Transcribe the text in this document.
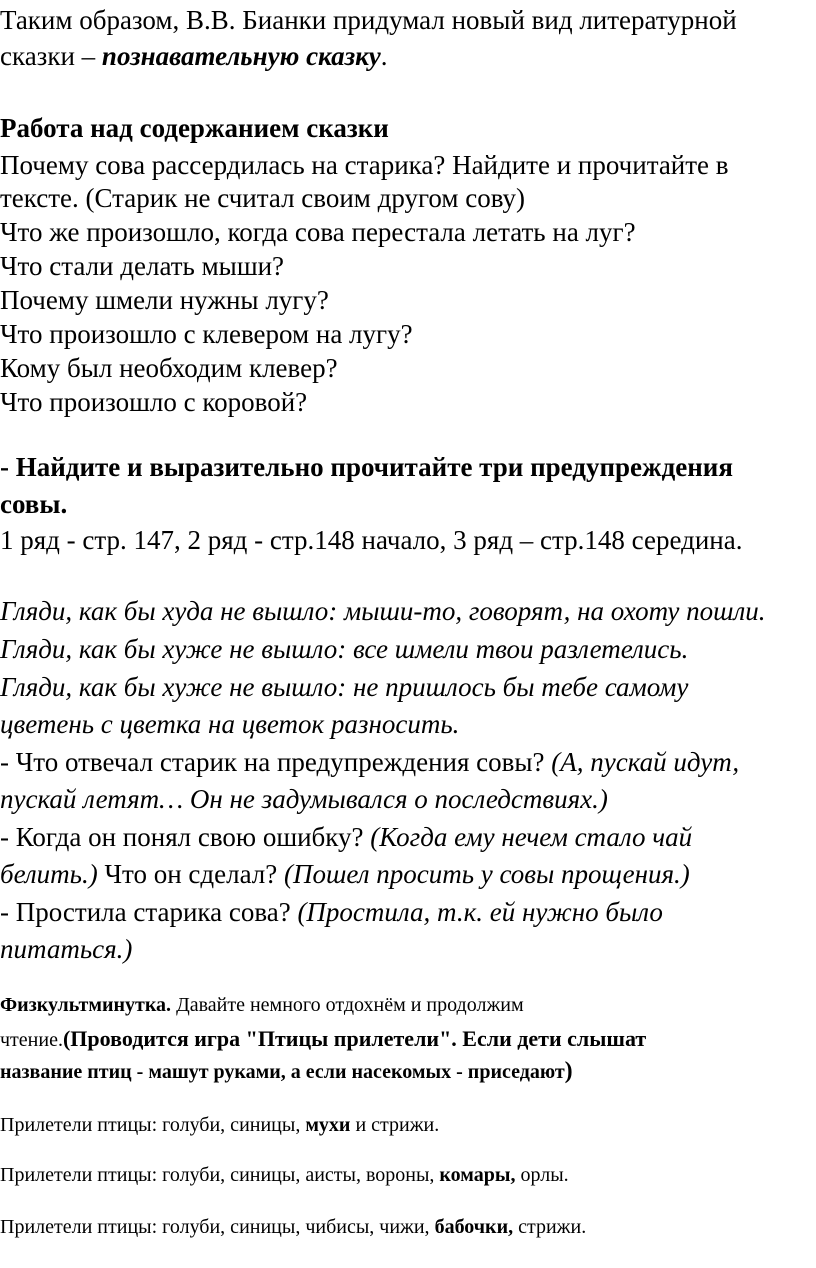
Таким образом, В.В. Бианки придумал новый вид литературной
сказки – познавательную сказку.
Работа над содержанием сказки
Почему сова рассердилась на старика? Найдите и прочитайте в
тексте. (Старик не считал своим другом сову)
Что же произошло, когда сова перестала летать на луг?
Что стали делать мыши?
Почему шмели нужны лугу?
Что произошло с клевером на лугу?
Кому был необходим клевер?
Что произошло с коровой?
- Найдите и выразительно прочитайте три предупреждения
совы.
1 ряд - стр. 147, 2 ряд - стр.148 начало, 3 ряд – стр.148 середина.
Гляди, как бы худа не вышло: мыши-то, говорят, на охоту пошли.
Гляди, как бы хуже не вышло: все шмели твои разлетелись.
Гляди, как бы хуже не вышло: не пришлось бы тебе самому
цветень с цветка на цветок разносить.
- Что отвечал старик на предупреждения совы? (А, пускай идут,
пускай летят… Он не задумывался о последствиях.)
- Когда он понял свою ошибку? (Когда ему нечем стало чай
белить.) Что он сделал? (Пошел просить у совы прощения.)
- Простила старика сова? (Простила, т.к. ей нужно было
питаться.)
Физкультминутка. Давайте немного отдохнём и продолжим
чтение.(Проводится игра "Птицы прилетели". Если дети слышат
название птиц - машут руками, а если насекомых - приседают)
Прилетели птицы: голуби, синицы, мухи и стрижи.
Прилетели птицы: голуби, синицы, аисты, вороны, комары, орлы.
Прилетели птицы: голуби, синицы, чибисы, чижи, бабочки, стрижи.
